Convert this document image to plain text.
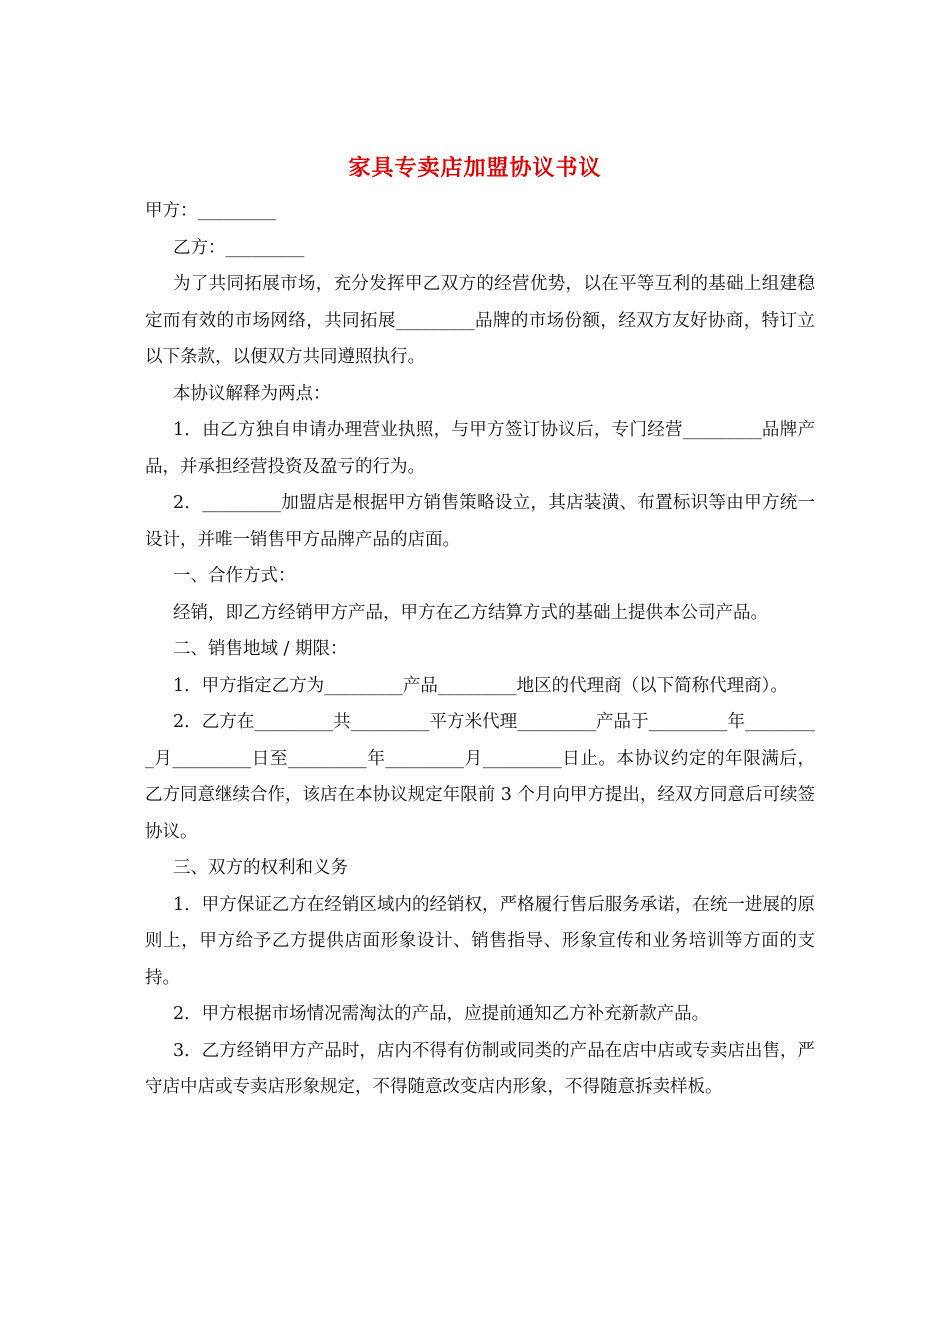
家具专卖店加盟协议书议

甲方：_________

乙方：_________

为了共同拓展市场，充分发挥甲乙双方的经营优势，以在平等互利的基础上组建稳定而有效的市场网络，共同拓展_________品牌的市场份额，经双方友好协商，特订立以下条款，以便双方共同遵照执行。

本协议解释为两点：

1．由乙方独自申请办理营业执照，与甲方签订协议后，专门经营_________品牌产品，并承担经营投资及盈亏的行为。

2．_________加盟店是根据甲方销售策略设立，其店装潢、布置标识等由甲方统一设计，并唯一销售甲方品牌产品的店面。

一、合作方式：

经销，即乙方经销甲方产品，甲方在乙方结算方式的基础上提供本公司产品。

二、销售地域 / 期限：

1．甲方指定乙方为_________产品_________地区的代理商（以下简称代理商）。

2．乙方在_________共_________平方米代理_________产品于_________年_________月_________日至_________年_________月_________日止。本协议约定的年限满后，乙方同意继续合作，该店在本协议规定年限前 3 个月向甲方提出，经双方同意后可续签协议。

三、双方的权利和义务

1．甲方保证乙方在经销区域内的经销权，严格履行售后服务承诺，在统一进展的原则上，甲方给予乙方提供店面形象设计、销售指导、形象宣传和业务培训等方面的支持。

2．甲方根据市场情况需淘汰的产品，应提前通知乙方补充新款产品。

3．乙方经销甲方产品时，店内不得有仿制或同类的产品在店中店或专卖店出售，严守店中店或专卖店形象规定，不得随意改变店内形象，不得随意拆卖样板。
